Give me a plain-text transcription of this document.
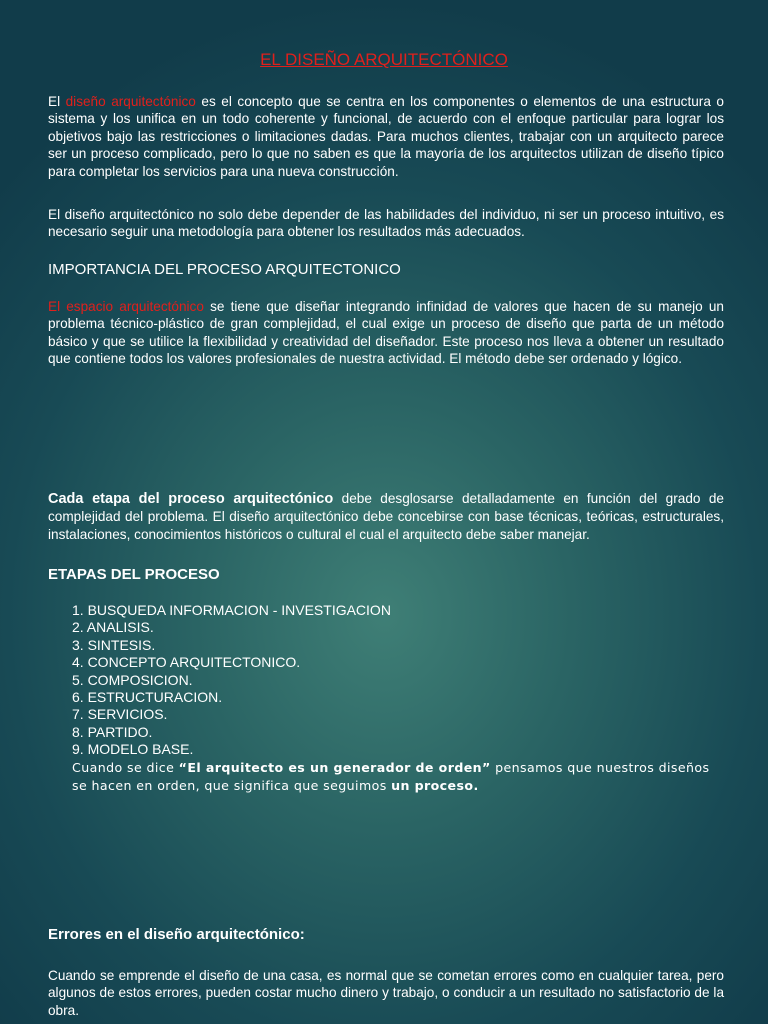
EL DISEÑO ARQUITECTÓNICO

El diseño arquitectónico es el concepto que se centra en los componentes o elementos de una estructura o sistema y los unifica en un todo coherente y funcional, de acuerdo con el enfoque particular para lograr los objetivos bajo las restricciones o limitaciones dadas. Para muchos clientes, trabajar con un arquitecto parece ser un proceso complicado, pero lo que no saben es que la mayoría de los arquitectos utilizan de diseño típico para completar los servicios para una nueva construcción.

El diseño arquitectónico no solo debe depender de las habilidades del individuo, ni ser un proceso intuitivo, es necesario seguir una metodología para obtener los resultados más adecuados.

IMPORTANCIA DEL PROCESO ARQUITECTONICO

El espacio arquitectónico se tiene que diseñar integrando infinidad de valores que hacen de su manejo un problema técnico-plástico de gran complejidad, el cual exige un proceso de diseño que parta de un método básico y que se utilice la flexibilidad y creatividad del diseñador. Este proceso nos lleva a obtener un resultado que contiene todos los valores profesionales de nuestra actividad. El método debe ser ordenado y lógico.

Cada etapa del proceso arquitectónico debe desglosarse detalladamente en función del grado de complejidad del problema. El diseño arquitectónico debe concebirse con base técnicas, teóricas, estructurales, instalaciones, conocimientos históricos o cultural el cual el arquitecto debe saber manejar.

ETAPAS DEL PROCESO
1. BUSQUEDA INFORMACION - INVESTIGACION
2. ANALISIS.
3. SINTESIS.
4. CONCEPTO ARQUITECTONICO.
5. COMPOSICION.
6. ESTRUCTURACION.
7. SERVICIOS.
8. PARTIDO.
9. MODELO BASE.

Cuando se dice “El arquitecto es un generador de orden” pensamos que nuestros diseños se hacen en orden, que significa que seguimos un proceso.

Errores en el diseño arquitectónico:

Cuando se emprende el diseño de una casa, es normal que se cometan errores como en cualquier tarea, pero algunos de estos errores, pueden costar mucho dinero y trabajo, o conducir a un resultado no satisfactorio de la obra.
